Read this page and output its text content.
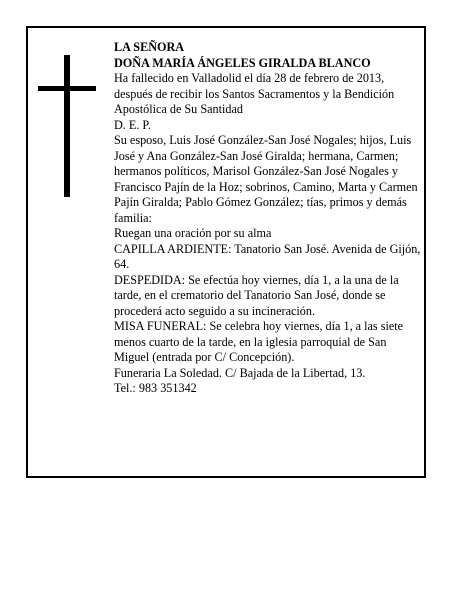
LA SEÑORA

DOÑA MARÍA ÁNGELES GIRALDA BLANCO

Ha fallecido en Valladolid el día 28 de febrero de 2013, después de recibir los Santos Sacramentos y la Bendición Apostólica de Su Santidad

D. E. P.

Su esposo, Luis José González-San José Nogales; hijos, Luis José y Ana González-San José Giralda; hermana, Carmen; hermanos políticos, Marisol González-San José Nogales y Francisco Pajín de la Hoz; sobrinos, Camino, Marta y Carmen Pajín Giralda; Pablo Gómez González; tías, primos y demás familia:

Ruegan una oración por su alma

CAPILLA ARDIENTE: Tanatorio San José. Avenida de Gijón, 64.

DESPEDIDA: Se efectúa hoy viernes, día 1, a la una de la tarde, en el crematorio del Tanatorio San José, donde se procederá acto seguido a su incineración.

MISA FUNERAL: Se celebra hoy viernes, día 1, a las siete menos cuarto de la tarde, en la iglesia parroquial de San Miguel (entrada por C/ Concepción).

Funeraria La Soledad. C/ Bajada de la Libertad, 13.

Tel.: 983 351342
